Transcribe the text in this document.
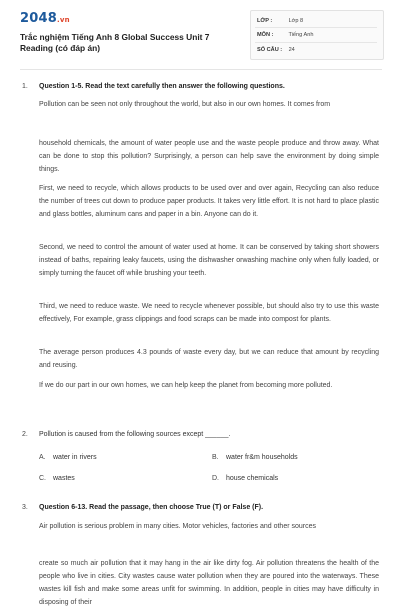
2048.vn
Trắc nghiệm Tiếng Anh 8 Global Success Unit 7 Reading (có đáp án)
LỚP :	Lớp 8
MÔN :	Tiếng Anh
SỐ CÂU : 24
1. Question 1-5. Read the text carefully then answer the following questions.

Pollution can be seen not only throughout the world, but also in our own homes. It comes from

household chemicals, the amount of water people use and the waste people produce and throw away. What can be done to stop this pollution? Surprisingly, a person can help save the environment by doing simple things.

First, we need to recycle, which allows products to be used over and over again, Recycling can also reduce the number of trees cut down to produce paper products. It takes very little effort. It is not hard to place plastic and glass bottles, aluminum cans and paper in a bin. Anyone can do it.

Second, we need to control the amount of water used at home. It can be conserved by taking short showers instead of baths, repairing leaky faucets, using the dishwasher orwashing machine only when fully loaded, or simply turning the faucet off while brushing your teeth.

Third, we need to reduce waste. We need to recycle whenever possible, but should also try to use this waste effectively, For example, grass clippings and food scraps can be made into compost for plants.

The average person produces 4.3 pounds of waste every day, but we can reduce that amount by recycling and reusing.

If we do our part in our own homes, we can help keep the planet from becoming more polluted.

2. Pollution is caused from the following sources except ______.
A. water in rivers	B. water fr&m households
C. wastes	D. house chemicals
3. Question 6-13. Read the passage, then choose True (T) or False (F).

Air pollution is serious problem in many cities. Motor vehicles, factories and other sources

create so much air pollution that it may hang in the air like dirty fog. Air pollution threatens the health of the people who live in cities. City wastes cause water pollution when they are poured into the waterways. These wastes kill fish and make some areas unfit for swimming. In addition, people in cities may have difficulty in disposing of their
